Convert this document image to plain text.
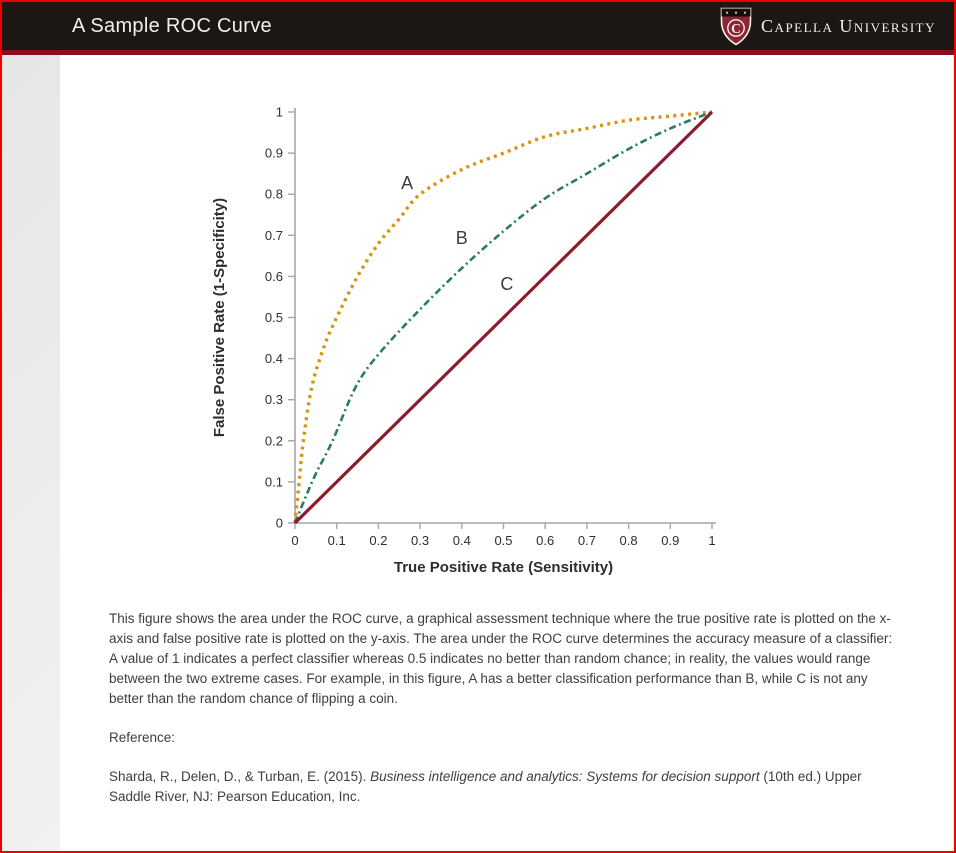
A Sample ROC Curve	C Capella University
0
0.1
0.2
0.3
0.4
0.5
0.6
0.7
0.8
0.9
1
0 0.1 0.2 0.3 0.4 0.5 0.6 0.7 0.8 0.9 1
True Positive Rate (Sensitivity)
False Positive Rate (1-Specificity)
A
B
C

This figure shows the area under the ROC curve, a graphical assessment technique where the true positive rate is plotted on the x-axis and false positive rate is plotted on the y-axis. The area under the ROC curve determines the accuracy measure of a classifier: A value of 1 indicates a perfect classifier whereas 0.5 indicates no better than random chance; in reality, the values would range between the two extreme cases. For example, in this figure, A has a better classification performance than B, while C is not any better than the random chance of flipping a coin.

Reference:

Sharda, R., Delen, D., & Turban, E. (2015). Business intelligence and analytics: Systems for decision support (10th ed.) Upper Saddle River, NJ: Pearson Education, Inc.
